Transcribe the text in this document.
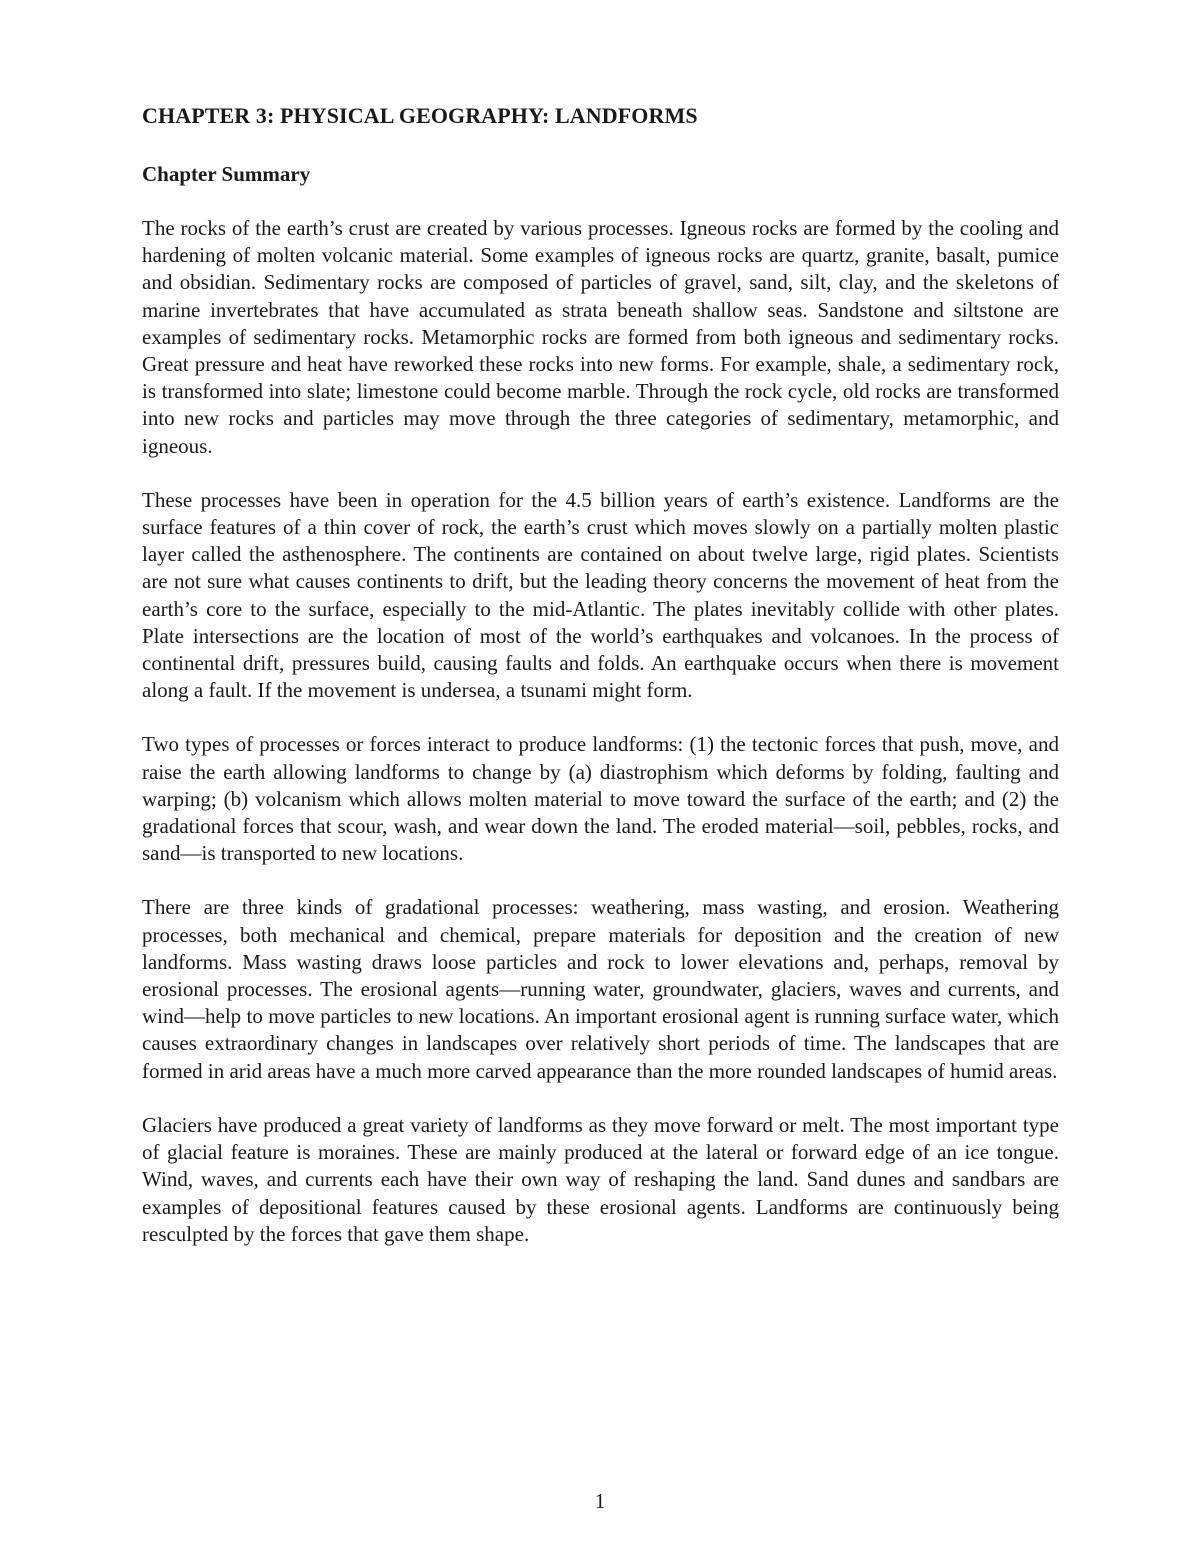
CHAPTER 3: PHYSICAL GEOGRAPHY: LANDFORMS
Chapter Summary

The rocks of the earth’s crust are created by various processes. Igneous rocks are formed by the cooling and hardening of molten volcanic material. Some examples of igneous rocks are quartz, granite, basalt, pumice and obsidian. Sedimentary rocks are composed of particles of gravel, sand, silt, clay, and the skeletons of marine invertebrates that have accumulated as strata beneath shallow seas. Sandstone and siltstone are examples of sedimentary rocks. Metamorphic rocks are formed from both igneous and sedimentary rocks. Great pressure and heat have reworked these rocks into new forms. For example, shale, a sedimentary rock, is transformed into slate; limestone could become marble. Through the rock cycle, old rocks are transformed into new rocks and particles may move through the three categories of sedimentary, metamorphic, and igneous.

These processes have been in operation for the 4.5 billion years of earth’s existence. Landforms are the surface features of a thin cover of rock, the earth’s crust which moves slowly on a partially molten plastic layer called the asthenosphere. The continents are contained on about twelve large, rigid plates. Scientists are not sure what causes continents to drift, but the leading theory concerns the movement of heat from the earth’s core to the surface, especially to the mid-Atlantic. The plates inevitably collide with other plates. Plate intersections are the location of most of the world’s earthquakes and volcanoes. In the process of continental drift, pressures build, causing faults and folds. An earthquake occurs when there is movement along a fault. If the movement is undersea, a tsunami might form.

Two types of processes or forces interact to produce landforms: (1) the tectonic forces that push, move, and raise the earth allowing landforms to change by (a) diastrophism which deforms by folding, faulting and warping; (b) volcanism which allows molten material to move toward the surface of the earth; and (2) the gradational forces that scour, wash, and wear down the land. The eroded material—soil, pebbles, rocks, and sand—is transported to new locations.

There are three kinds of gradational processes: weathering, mass wasting, and erosion. Weathering processes, both mechanical and chemical, prepare materials for deposition and the creation of new landforms. Mass wasting draws loose particles and rock to lower elevations and, perhaps, removal by erosional processes. The erosional agents—running water, groundwater, glaciers, waves and currents, and wind—help to move particles to new locations. An important erosional agent is running surface water, which causes extraordinary changes in landscapes over relatively short periods of time. The landscapes that are formed in arid areas have a much more carved appearance than the more rounded landscapes of humid areas.

Glaciers have produced a great variety of landforms as they move forward or melt. The most important type of glacial feature is moraines. These are mainly produced at the lateral or forward edge of an ice tongue. Wind, waves, and currents each have their own way of reshaping the land. Sand dunes and sandbars are examples of depositional features caused by these erosional agents. Landforms are continuously being resculpted by the forces that gave them shape.

1
